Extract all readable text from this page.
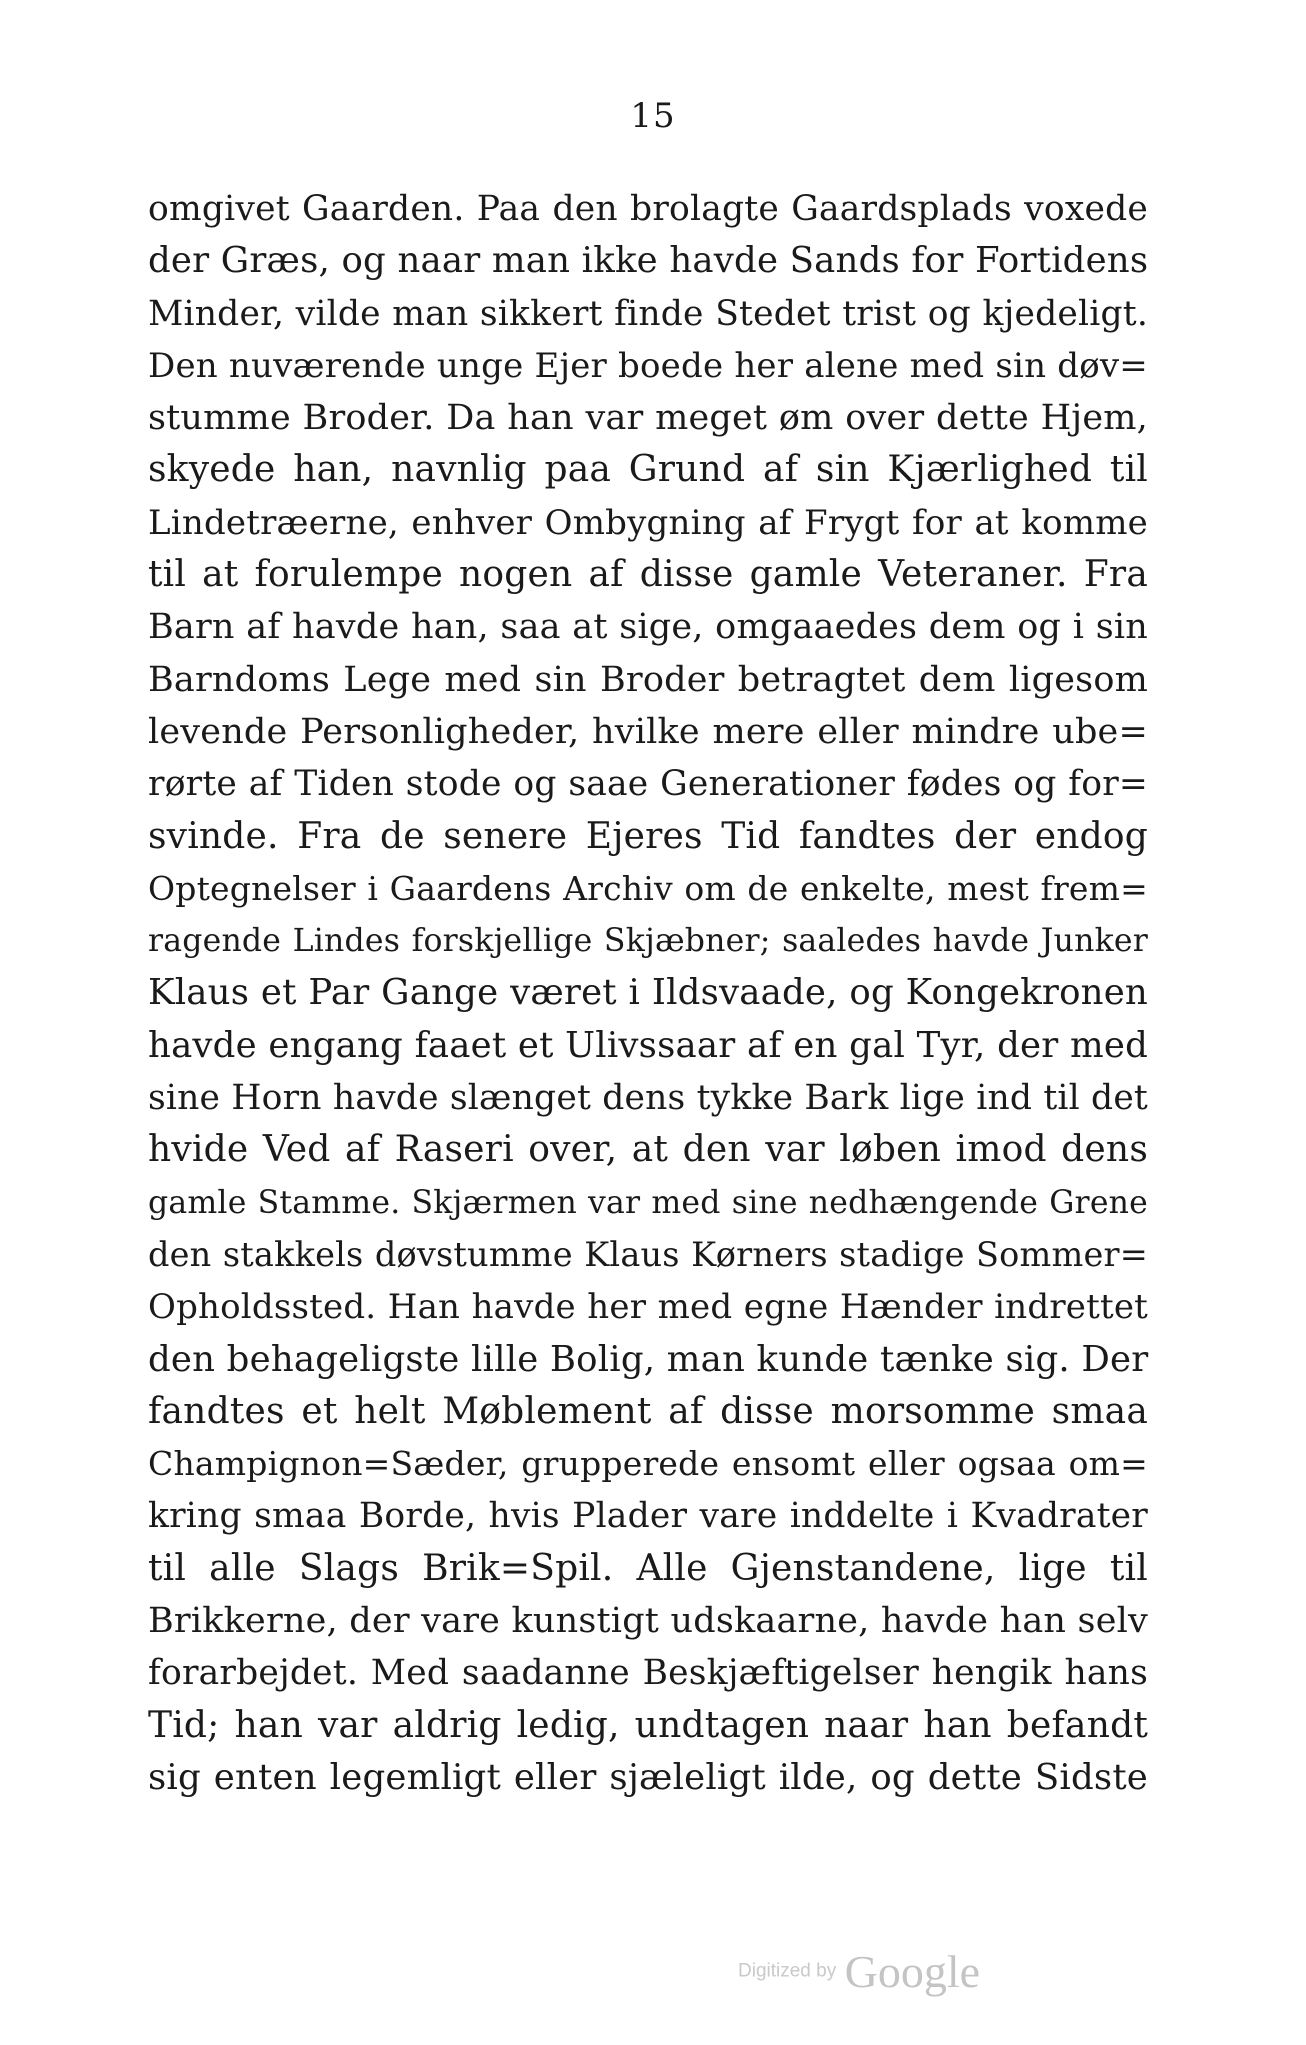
15
omgivet Gaarden. Paa den brolagte Gaardsplads voxede
der Græs, og naar man ikke havde Sands for Fortidens
Minder, vilde man sikkert finde Stedet trist og kjedeligt.
Den nuværende unge Ejer boede her alene med sin døv=
stumme Broder. Da han var meget øm over dette Hjem,
skyede han, navnlig paa Grund af sin Kjærlighed til
Lindetræerne, enhver Ombygning af Frygt for at komme
til at forulempe nogen af disse gamle Veteraner. Fra
Barn af havde han, saa at sige, omgaaedes dem og i sin
Barndoms Lege med sin Broder betragtet dem ligesom
levende Personligheder, hvilke mere eller mindre ube=
rørte af Tiden stode og saae Generationer fødes og for=
svinde. Fra de senere Ejeres Tid fandtes der endog
Optegnelser i Gaardens Archiv om de enkelte, mest frem=
ragende Lindes forskjellige Skjæbner; saaledes havde Junker
Klaus et Par Gange været i Ildsvaade, og Kongekronen
havde engang faaet et Ulivssaar af en gal Tyr, der med
sine Horn havde slænget dens tykke Bark lige ind til det
hvide Ved af Raseri over, at den var løben imod dens
gamle Stamme. Skjærmen var med sine nedhængende Grene
den stakkels døvstumme Klaus Kørners stadige Sommer=
Opholdssted. Han havde her med egne Hænder indrettet
den behageligste lille Bolig, man kunde tænke sig. Der
fandtes et helt Møblement af disse morsomme smaa
Champignon=Sæder, grupperede ensomt eller ogsaa om=
kring smaa Borde, hvis Plader vare inddelte i Kvadrater
til alle Slags Brik=Spil. Alle Gjenstandene, lige til
Brikkerne, der vare kunstigt udskaarne, havde han selv
forarbejdet. Med saadanne Beskjæftigelser hengik hans
Tid; han var aldrig ledig, undtagen naar han befandt
sig enten legemligt eller sjæleligt ilde, og dette Sidste
Digitized by Google
